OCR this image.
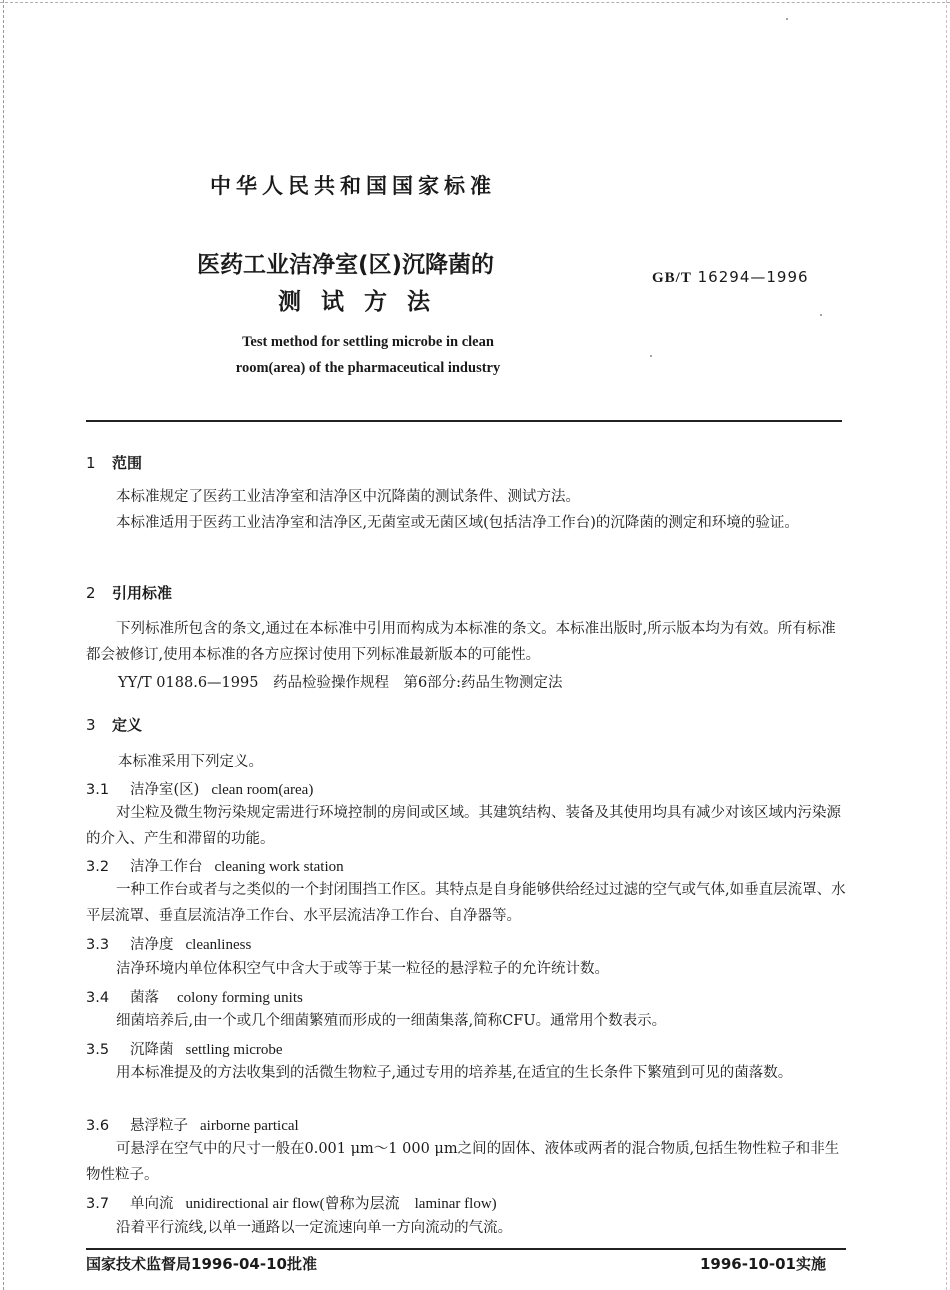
中华人民共和国国家标准
医药工业洁净室(区)沉降菌的
测试方法
GB/T 16294—1996
Test method for settling microbe in clean
room(area) of the pharmaceutical industry
1 范围
本标准规定了医药工业洁净室和洁净区中沉降菌的测试条件、测试方法。
本标准适用于医药工业洁净室和洁净区,无菌室或无菌区域(包括洁净工作台)的沉降菌的测定和环境的验证。
2 引用标准
下列标准所包含的条文,通过在本标准中引用而构成为本标准的条文。本标准出版时,所示版本均为有效。所有标准都会被修订,使用本标准的各方应探讨使用下列标准最新版本的可能性。
YY/T 0188.6—1995　药品检验操作规程　第6部分:药品生物测定法
3 定义
本标准采用下列定义。
3.1 洁净室(区) clean room(area)
对尘粒及微生物污染规定需进行环境控制的房间或区域。其建筑结构、装备及其使用均具有减少对该区域内污染源的介入、产生和滞留的功能。
3.2 洁净工作台 cleaning work station
一种工作台或者与之类似的一个封闭围挡工作区。其特点是自身能够供给经过过滤的空气或气体,如垂直层流罩、水平层流罩、垂直层流洁净工作台、水平层流洁净工作台、自净器等。
3.3 洁净度 cleanliness
洁净环境内单位体积空气中含大于或等于某一粒径的悬浮粒子的允许统计数。
3.4 菌落 colony forming units
细菌培养后,由一个或几个细菌繁殖而形成的一细菌集落,简称CFU。通常用个数表示。
3.5 沉降菌 settling microbe
用本标准提及的方法收集到的活微生物粒子,通过专用的培养基,在适宜的生长条件下繁殖到可见的菌落数。
3.6 悬浮粒子 airborne partical
可悬浮在空气中的尺寸一般在0.001 μm～1 000 μm之间的固体、液体或两者的混合物质,包括生物性粒子和非生物性粒子。
3.7 单向流 unidirectional air flow(曾称为层流　laminar flow)
沿着平行流线,以单一通路以一定流速向单一方向流动的气流。
国家技术监督局1996-04-10批准	1996-10-01实施
